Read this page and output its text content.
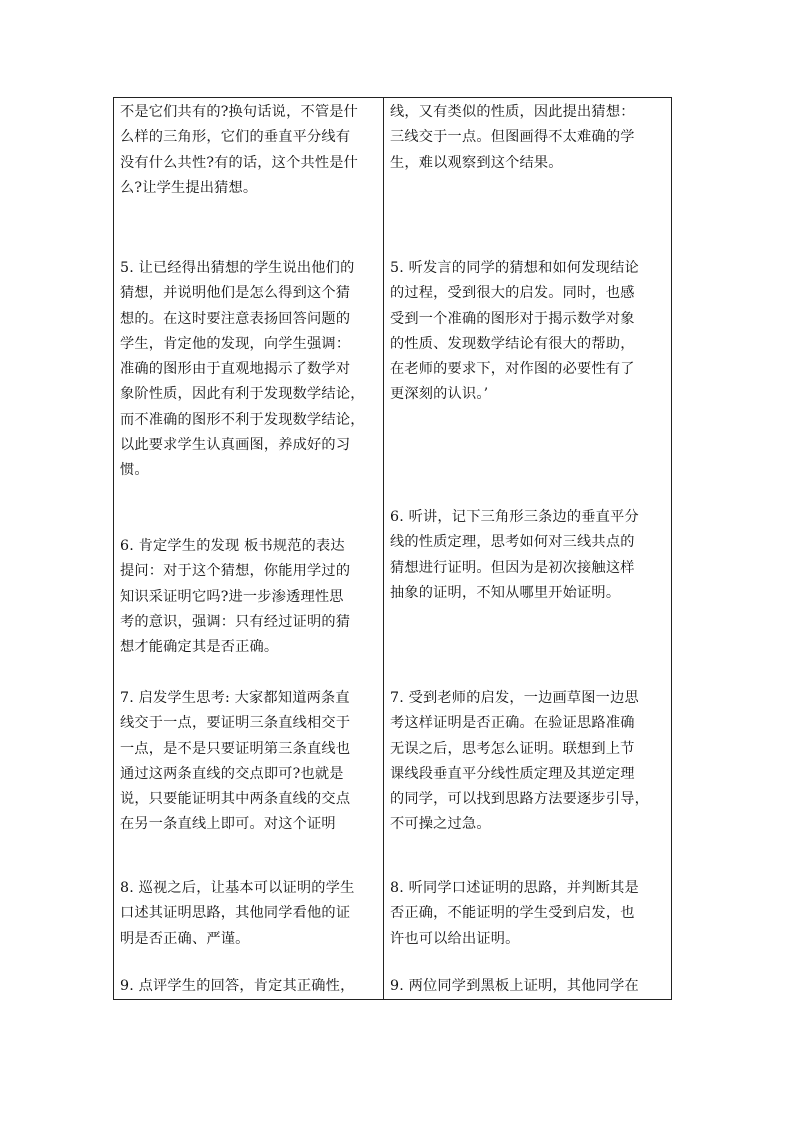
不是它们共有的?换句话说，不管是什
么样的三角形，它们的垂直平分线有
没有什么共性?有的话，这个共性是什
么?让学生提出猜想。
5. 让已经得出猜想的学生说出他们的
猜想，并说明他们是怎么得到这个猜
想的。在这时要注意表扬回答问题的
学生，肯定他的发现，向学生强调：
准确的图形由于直观地揭示了数学对
象阶性质，因此有利于发现数学结论，
而不准确的图形不利于发现数学结论，
以此要求学生认真画图，养成好的习
惯。
6. 肯定学生的发现 板书规范的表达
提问：对于这个猜想，你能用学过的
知识采证明它吗?进一步渗透理性思
考的意识，强调：只有经过证明的猜
想才能确定其是否正确。
7. 启发学生思考: 大家都知道两条直
线交于一点，要证明三条直线相交于
一点，是不是只要证明第三条直线也
通过这两条直线的交点即可?也就是
说，只要能证明其中两条直线的交点
在另一条直线上即可。对这个证明
8. 巡视之后，让基本可以证明的学生
口述其证明思路，其他同学看他的证
明是否正确、严谨。
9. 点评学生的回答，肯定其正确性，
线，又有类似的性质，因此提出猜想：
三线交于一点。但图画得不太难确的学
生，难以观察到这个结果。
5. 听发言的同学的猜想和如何发现结论
的过程，受到很大的启发。同时，也感
受到一个准确的图形对于揭示数学对象
的性质、发现数学结论有很大的帮助，
在老师的要求下，对作图的必要性有了
更深刻的认识。’
6. 听讲，记下三角形三条边的垂直平分
线的性质定理，思考如何对三线共点的
猜想进行证明。但因为是初次接触这样
抽象的证明，不知从哪里开始证明。
7. 受到老师的启发，一边画草图一边思
考这样证明是否正确。在验证思路准确
无误之后，思考怎么证明。联想到上节
课线段垂直平分线性质定理及其逆定理
的同学，可以找到思路方法要逐步引导，
不可操之过急。
8. 听同学口述证明的思路，并判断其是
否正确，不能证明的学生受到启发，也
许也可以给出证明。
9. 两位同学到黑板上证明，其他同学在
